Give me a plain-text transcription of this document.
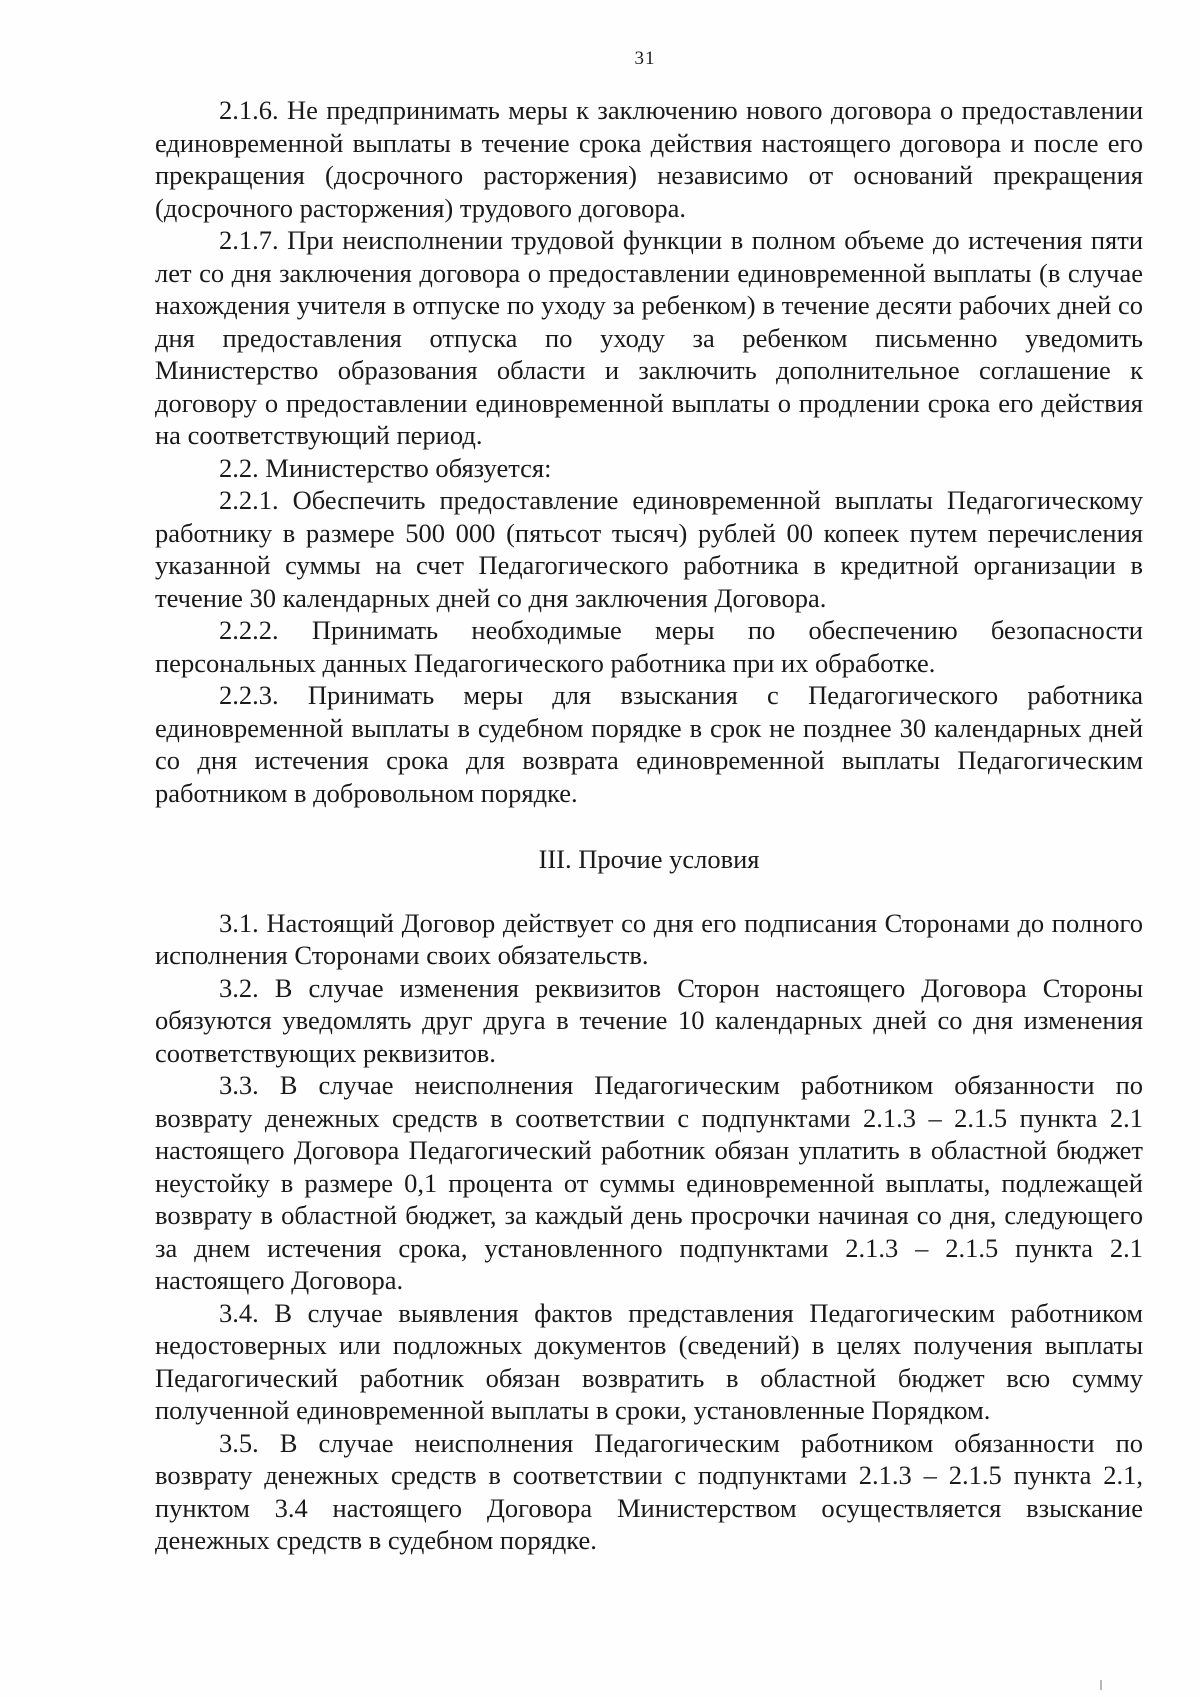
31

2.1.6. Не предпринимать меры к заключению нового договора о предоставлении единовременной выплаты в течение срока действия настоящего договора и после его прекращения (досрочного расторжения) независимо от оснований прекращения (досрочного расторжения) трудового договора.

2.1.7. При неисполнении трудовой функции в полном объеме до истечения пяти лет со дня заключения договора о предоставлении единовременной выплаты (в случае нахождения учителя в отпуске по уходу за ребенком) в течение десяти рабочих дней со дня предоставления отпуска по уходу за ребенком письменно уведомить Министерство образования области и заключить дополнительное соглашение к договору о предоставлении единовременной выплаты о продлении срока его действия на соответствующий период.

2.2. Министерство обязуется:

2.2.1. Обеспечить предоставление единовременной выплаты Педагогическому работнику в размере 500 000 (пятьсот тысяч) рублей 00 копеек путем перечисления указанной суммы на счет Педагогического работника в кредитной организации в течение 30 календарных дней со дня заключения Договора.

2.2.2. Принимать необходимые меры по обеспечению безопасности персональных данных Педагогического работника при их обработке.

2.2.3. Принимать меры для взыскания с Педагогического работника единовременной выплаты в судебном порядке в срок не позднее 30 календарных дней со дня истечения срока для возврата единовременной выплаты Педагогическим работником в добровольном порядке.

III. Прочие условия

3.1. Настоящий Договор действует со дня его подписания Сторонами до полного исполнения Сторонами своих обязательств.

3.2. В случае изменения реквизитов Сторон настоящего Договора Стороны обязуются уведомлять друг друга в течение 10 календарных дней со дня изменения соответствующих реквизитов.

3.3. В случае неисполнения Педагогическим работником обязанности по возврату денежных средств в соответствии с подпунктами 2.1.3 – 2.1.5 пункта 2.1 настоящего Договора Педагогический работник обязан уплатить в областной бюджет неустойку в размере 0,1 процента от суммы единовременной выплаты, подлежащей возврату в областной бюджет, за каждый день просрочки начиная со дня, следующего за днем истечения срока, установленного подпунктами 2.1.3 – 2.1.5 пункта 2.1 настоящего Договора.

3.4. В случае выявления фактов представления Педагогическим работником недостоверных или подложных документов (сведений) в целях получения выплаты Педагогический работник обязан возвратить в областной бюджет всю сумму полученной единовременной выплаты в сроки, установленные Порядком.

3.5. В случае неисполнения Педагогическим работником обязанности по возврату денежных средств в соответствии с подпунктами 2.1.3 – 2.1.5 пункта 2.1, пунктом 3.4 настоящего Договора Министерством осуществляется взыскание денежных средств в судебном порядке.
